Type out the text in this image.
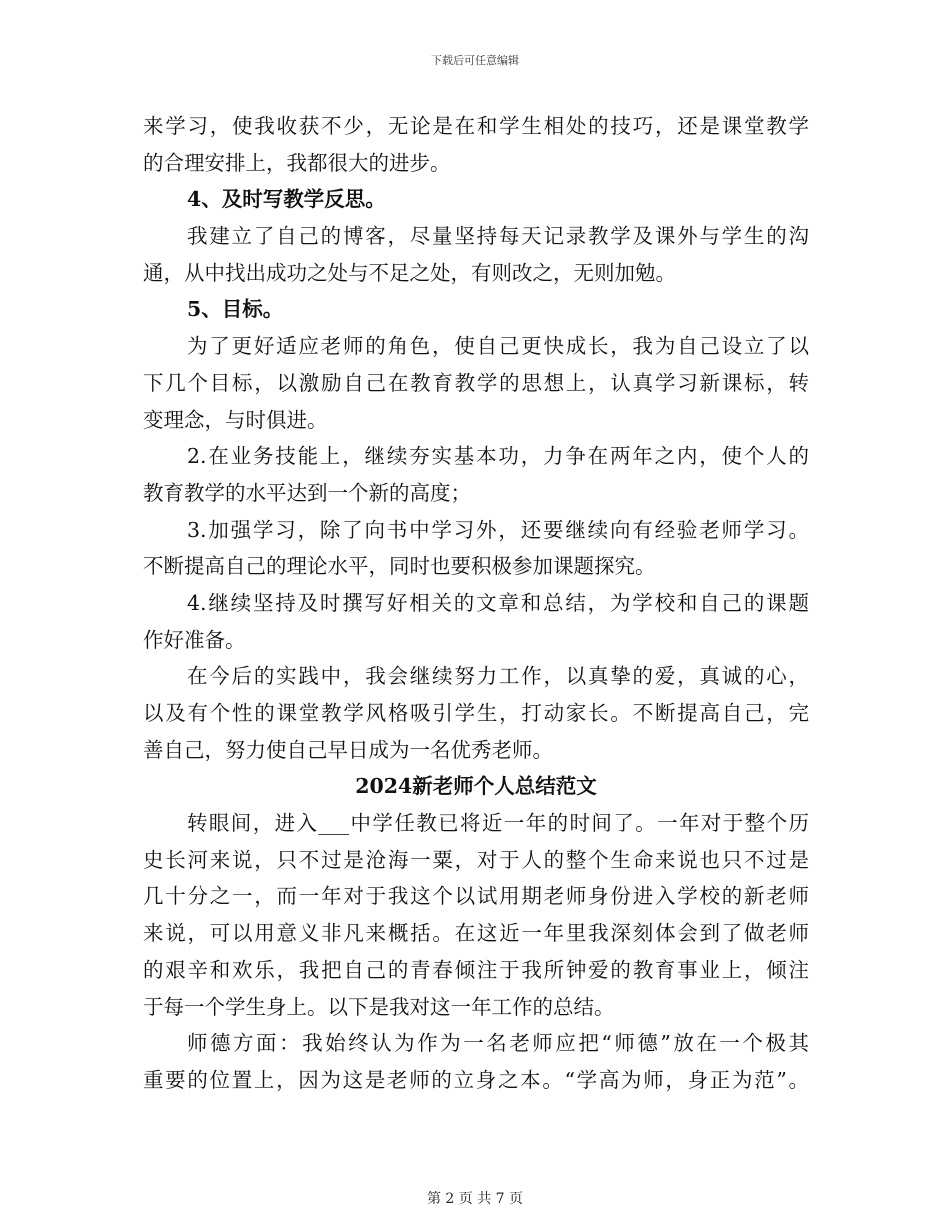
下载后可任意编辑
来学习，使我收获不少，无论是在和学生相处的技巧，还是课堂教学
的合理安排上，我都很大的进步。
4、及时写教学反思。
我建立了自己的博客，尽量坚持每天记录教学及课外与学生的沟
通，从中找出成功之处与不足之处，有则改之，无则加勉。
5、目标。
为了更好适应老师的角色，使自己更快成长，我为自己设立了以
下几个目标，以激励自己在教育教学的思想上，认真学习新课标，转
变理念，与时俱进。
2.在业务技能上，继续夯实基本功，力争在两年之内，使个人的
教育教学的水平达到一个新的高度；
3.加强学习，除了向书中学习外，还要继续向有经验老师学习。
不断提高自己的理论水平，同时也要积极参加课题探究。
4.继续坚持及时撰写好相关的文章和总结，为学校和自己的课题
作好准备。
在今后的实践中，我会继续努力工作，以真挚的爱，真诚的心，
以及有个性的课堂教学风格吸引学生，打动家长。不断提高自己，完
善自己，努力使自己早日成为一名优秀老师。
2024新老师个人总结范文
转眼间，进入___中学任教已将近一年的时间了。一年对于整个历
史长河来说，只不过是沧海一粟，对于人的整个生命来说也只不过是
几十分之一，而一年对于我这个以试用期老师身份进入学校的新老师
来说，可以用意义非凡来概括。在这近一年里我深刻体会到了做老师
的艰辛和欢乐，我把自己的青春倾注于我所钟爱的教育事业上，倾注
于每一个学生身上。以下是我对这一年工作的总结。
师德方面：我始终认为作为一名老师应把“师德”放在一个极其
重要的位置上，因为这是老师的立身之本。“学高为师，身正为范”。
第 2 页 共 7 页
